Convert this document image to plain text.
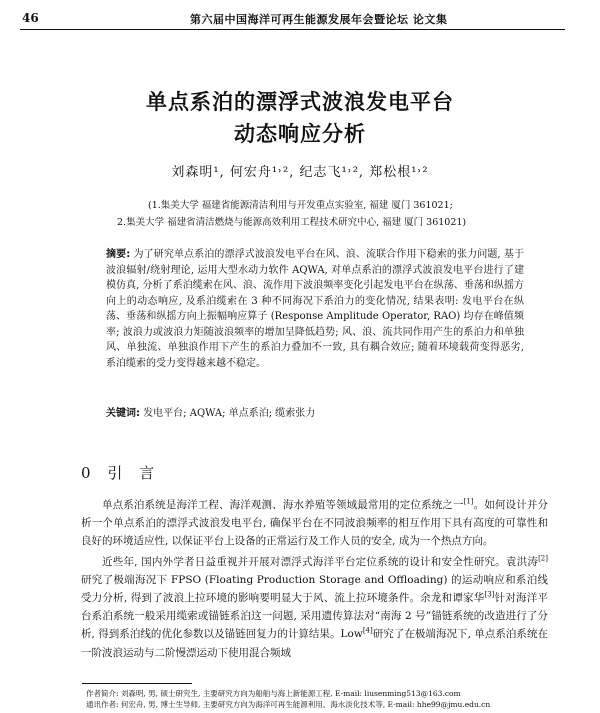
46	第六届中国海洋可再生能源发展年会暨论坛 论文集
单点系泊的漂浮式波浪发电平台
动态响应分析
刘森明¹, 何宏舟¹˒², 纪志飞¹˒², 郑松根¹˒²
(1.集美大学 福建省能源清洁利用与开发重点实验室, 福建 厦门 361021;
2.集美大学 福建省清洁燃烧与能源高效利用工程技术研究中心, 福建 厦门 361021)
摘要: 为了研究单点系泊的漂浮式波浪发电平台在风、浪、流联合作用下稳索的张力问题, 基于波浪辐射/绕射理论, 运用大型水动力软件 AQWA, 对单点系泊的漂浮式波浪发电平台进行了建模仿真, 分析了系泊缆索在风、浪、流作用下波浪频率变化引起发电平台在纵荡、垂荡和纵摇方向上的动态响应, 及系泊缆索在 3 种不同海况下系泊力的变化情况, 结果表明: 发电平台在纵荡、垂荡和纵摇方向上振幅响应算子 (Response Amplitude Operator, RAO) 均存在峰值频率; 波浪力或波浪力矩随波浪频率的增加呈降低趋势; 风、浪、流共同作用产生的系泊力和单独风、单独流、单独浪作用下产生的系泊力叠加不一致, 具有耦合效应; 随着环境载荷变得恶劣, 系泊缆索的受力变得越来越不稳定。
关键词: 发电平台; AQWA; 单点系泊; 缆索张力
0 引 言

单点系泊系统是海洋工程、海洋观测、海水养殖等领域最常用的定位系统之一[1]。如何设计并分析一个单点系泊的漂浮式波浪发电平台, 确保平台在不同波浪频率的相互作用下具有高度的可靠性和良好的环境适应性, 以保证平台上设备的正常运行及工作人员的安全, 成为一个热点方向。

近些年, 国内外学者日益重视并开展对漂浮式海洋平台定位系统的设计和安全性研究。袁洪涛[2]研究了极端海况下 FPSO (Floating Production Storage and Offloading) 的运动响应和系泊线受力分析, 得到了波浪上拉环境的影响要明显大于风、流上拉环境条件。余龙和谭家华[3]针对海洋平台系泊系统一般采用缆索或锚链系泊这一问题, 采用遗传算法对“南海 2 号”锚链系统的改造进行了分析, 得到系泊线的优化参数以及锚链回复力的计算结果。Low[4]研究了在极端海况下, 单点系泊系统在一阶波浪运动与二阶慢漂运动下使用混合频域

作者简介: 刘森明, 男, 硕士研究生, 主要研究方向为船舶与海上新能源工程, E-mail: liusenming513@163.com
通讯作者: 何宏舟, 男, 博士生导师, 主要研究方向为海洋可再生能源利用、海水淡化技术等, E-mail: hhe99@jmu.edu.cn
